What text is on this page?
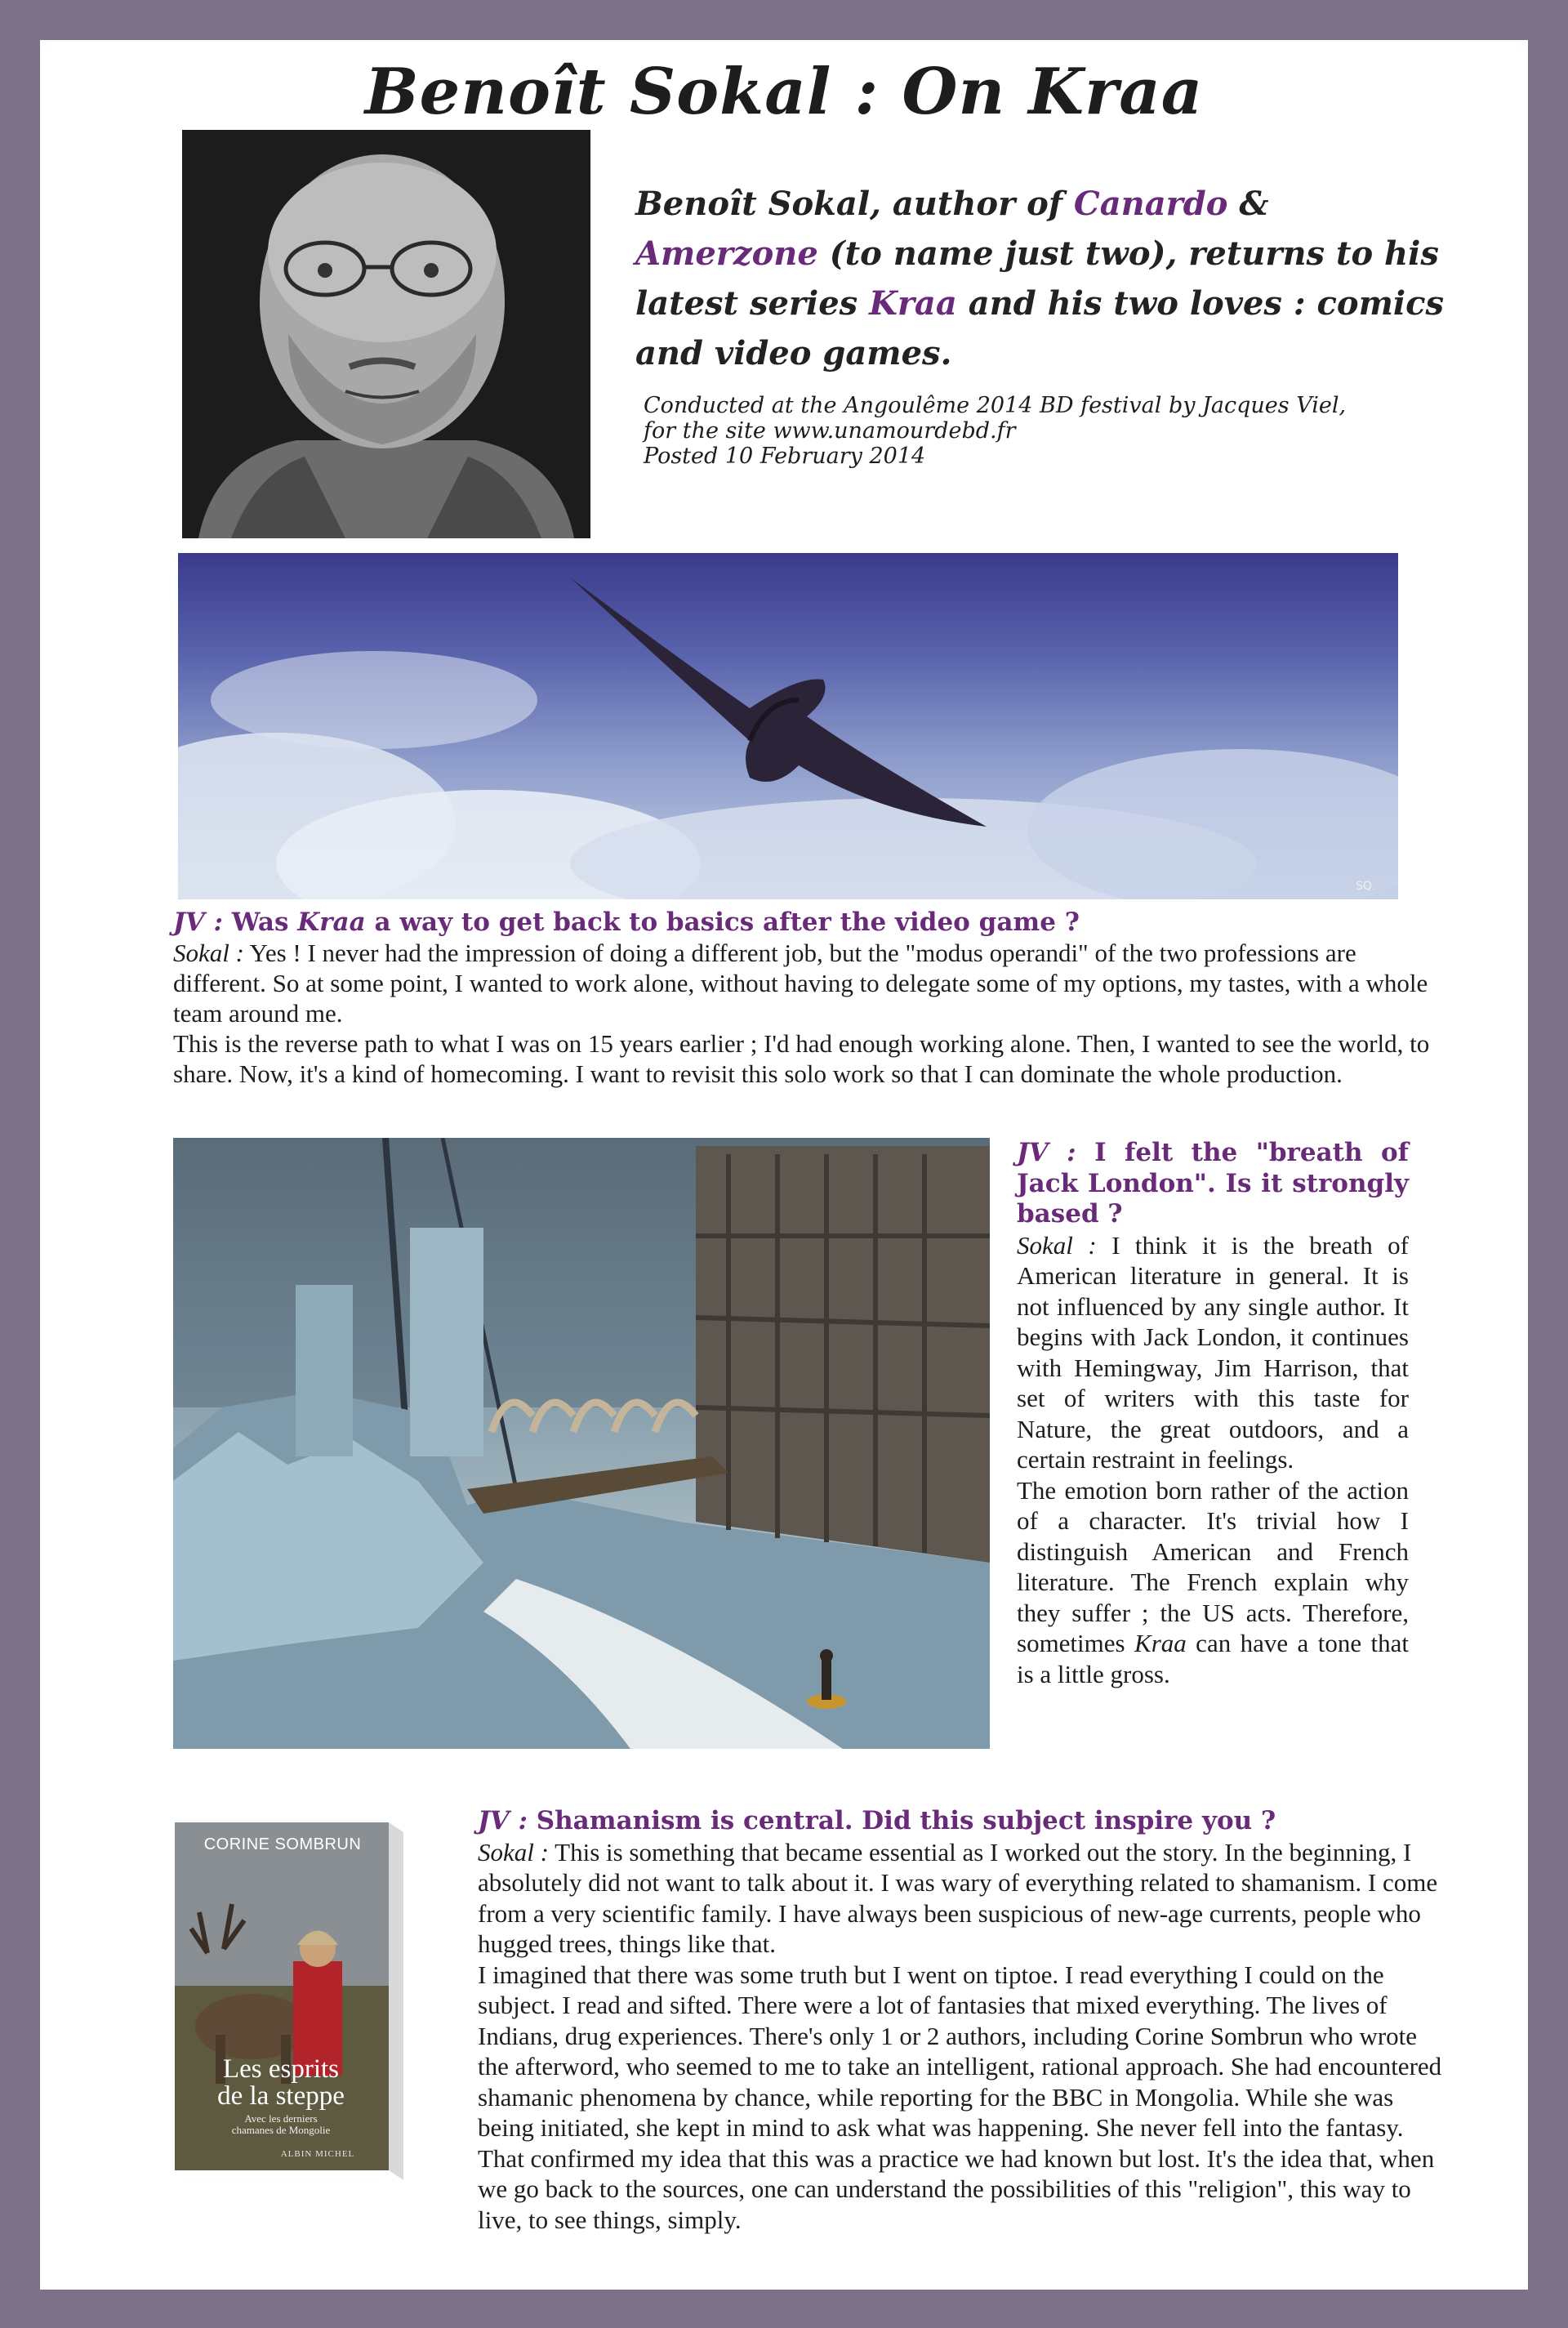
Benoît Sokal : On Kraa
Benoît Sokal, author of Canardo & Amerzone (to name just two), returns to his latest series Kraa and his two loves : comics and video games.
Conducted at the Angoulême 2014 BD festival by Jacques Viel,
for the site www.unamourdebd.fr
Posted 10 February 2014
SQ.
JV : Was Kraa a way to get back to basics after the video game ?

Sokal : Yes ! I never had the impression of doing a different job, but the "modus operandi" of the two professions are different. So at some point, I wanted to work alone, without having to delegate some of my options, my tastes, with a whole team around me.

This is the reverse path to what I was on 15 years earlier ; I'd had enough working alone. Then, I wanted to see the world, to share. Now, it's a kind of homecoming. I want to revisit this solo work so that I can dominate the whole production.

JV : I felt the "breath of Jack London". Is it strongly based ?

Sokal : I think it is the breath of American literature in general. It is not influenced by any single author. It begins with Jack London, it continues with Hemingway, Jim Harrison, that set of writers with this taste for Nature, the great outdoors, and a certain restraint in feelings.

The emotion born rather of the action of a character. It's trivial how I distinguish American and French literature. The French explain why they suffer ; the US acts. Therefore, sometimes Kraa can have a tone that is a little gross.

CORINE SOMBRUN
Les esprits
de la steppe
Avec les derniers
chamanes de Mongolie
ALBIN MICHEL
JV : Shamanism is central. Did this subject inspire you ?

Sokal : This is something that became essential as I worked out the story. In the beginning, I absolutely did not want to talk about it. I was wary of everything related to shamanism. I come from a very scientific family. I have always been suspicious of new-age currents, people who hugged trees, things like that.

I imagined that there was some truth but I went on tiptoe. I read everything I could on the subject. I read and sifted. There were a lot of fantasies that mixed everything. The lives of Indians, drug experiences. There's only 1 or 2 authors, including Corine Sombrun who wrote the afterword, who seemed to me to take an intelligent, rational approach. She had encountered shamanic phenomena by chance, while reporting for the BBC in Mongolia. While she was being initiated, she kept in mind to ask what was happening. She never fell into the fantasy.

That confirmed my idea that this was a practice we had known but lost. It's the idea that, when we go back to the sources, one can understand the possibilities of this "religion", this way to live, to see things, simply.
